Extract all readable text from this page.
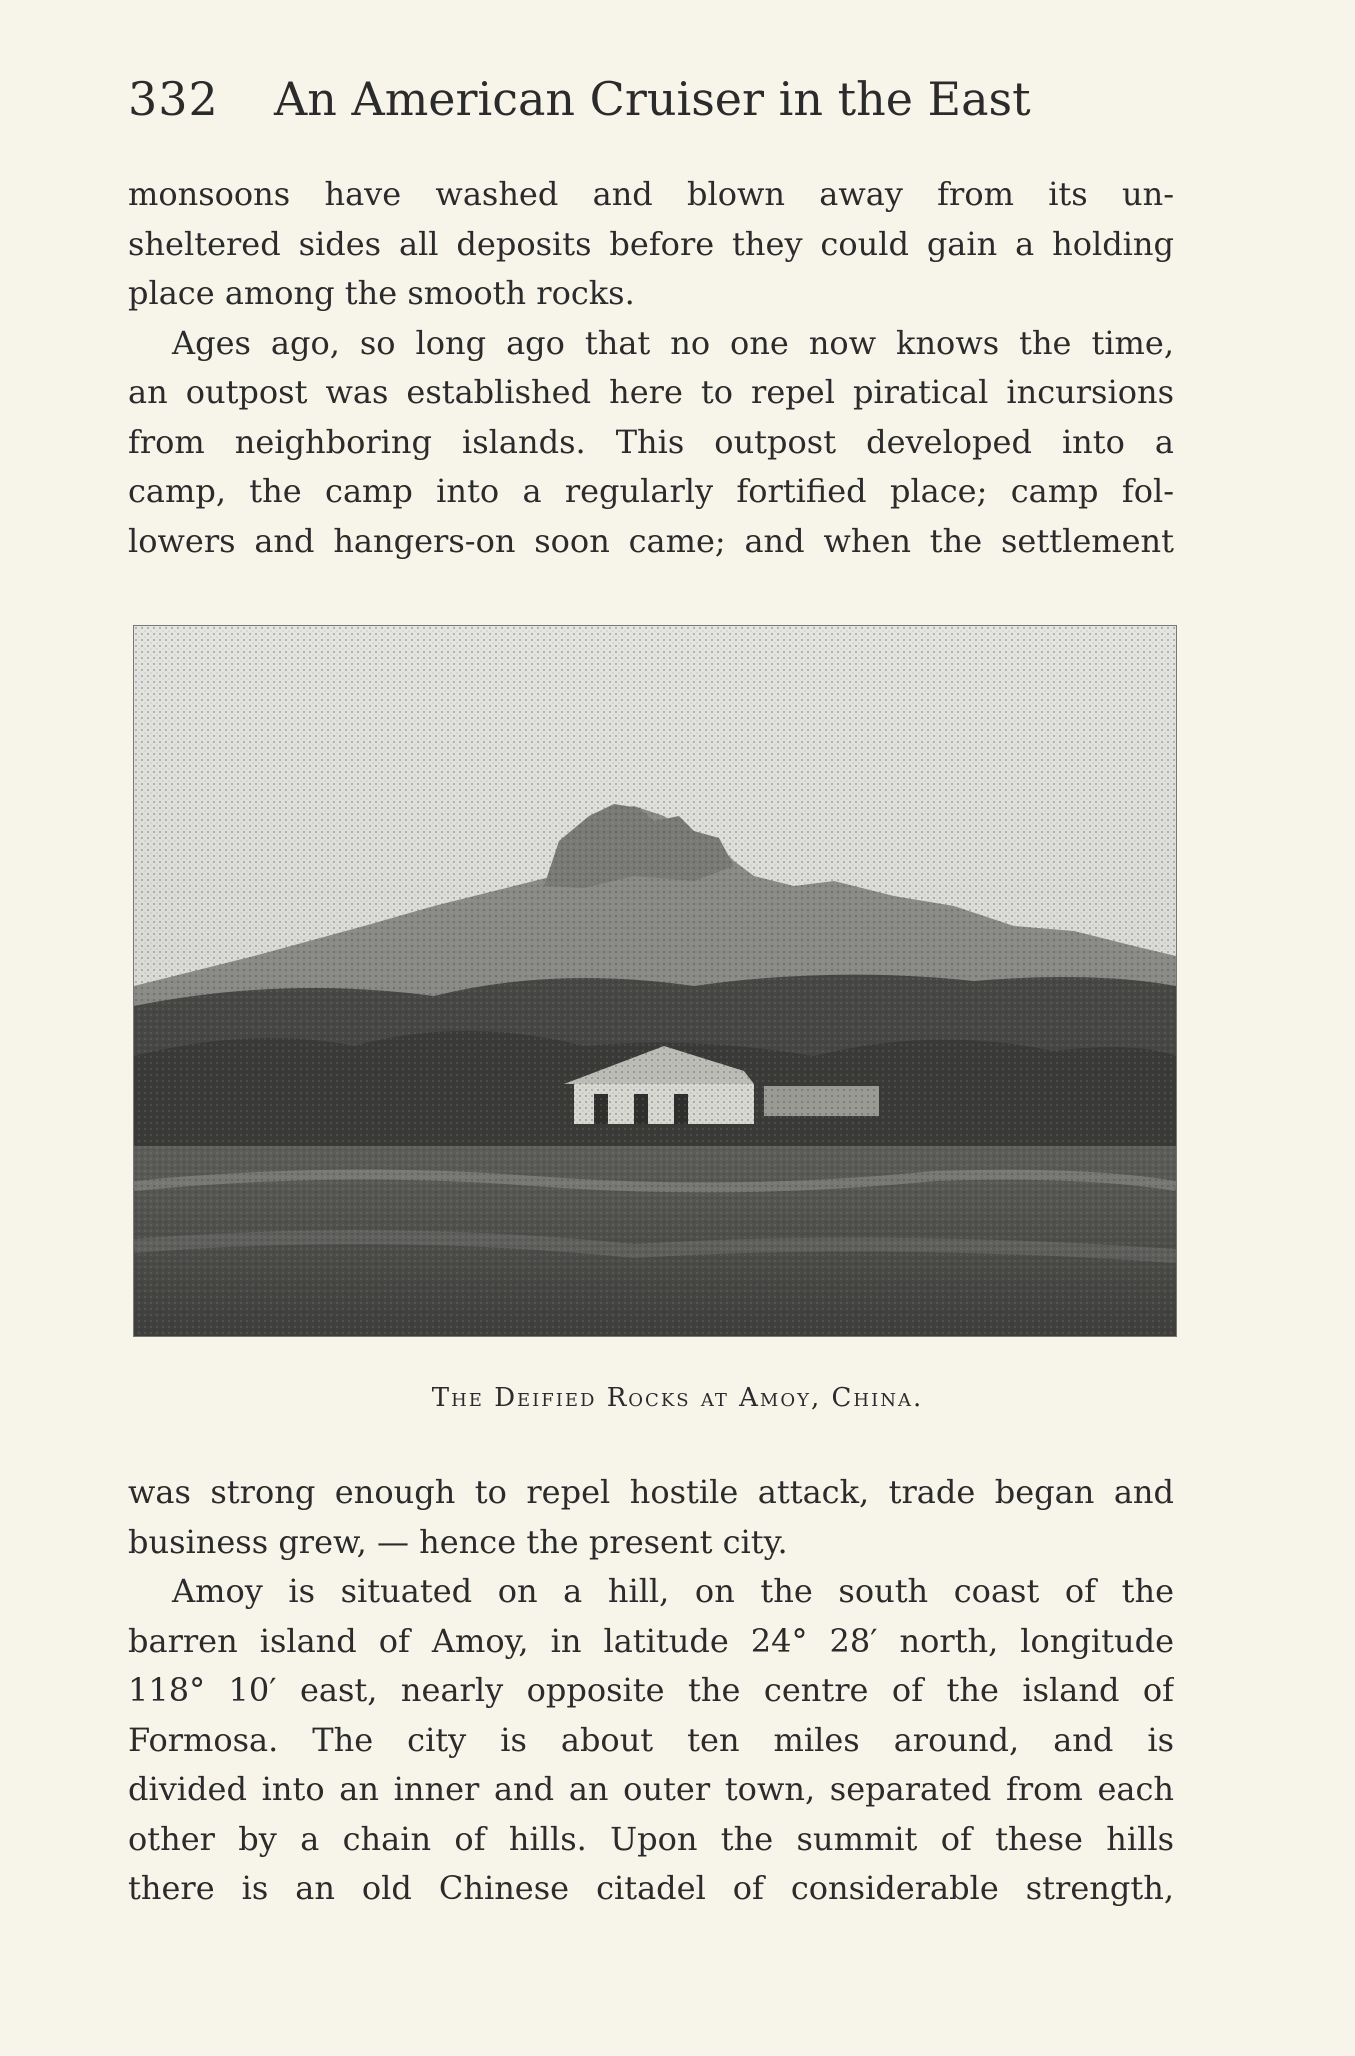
332 An American Cruiser in the East

monsoons have washed and blown away from its un-
sheltered sides all deposits before they could gain a holding
place among the smooth rocks.

Ages ago, so long ago that no one now knows the time,
an outpost was established here to repel piratical incursions
from neighboring islands. This outpost developed into a
camp, the camp into a regularly fortified place; camp fol-
lowers and hangers-on soon came; and when the settlement

The Deified Rocks at Amoy, China.

was strong enough to repel hostile attack, trade began and
business grew, — hence the present city.

Amoy is situated on a hill, on the south coast of the
barren island of Amoy, in latitude 24° 28′ north, longitude
118° 10′ east, nearly opposite the centre of the island of
Formosa. The city is about ten miles around, and is
divided into an inner and an outer town, separated from each
other by a chain of hills. Upon the summit of these hills
there is an old Chinese citadel of considerable strength,
